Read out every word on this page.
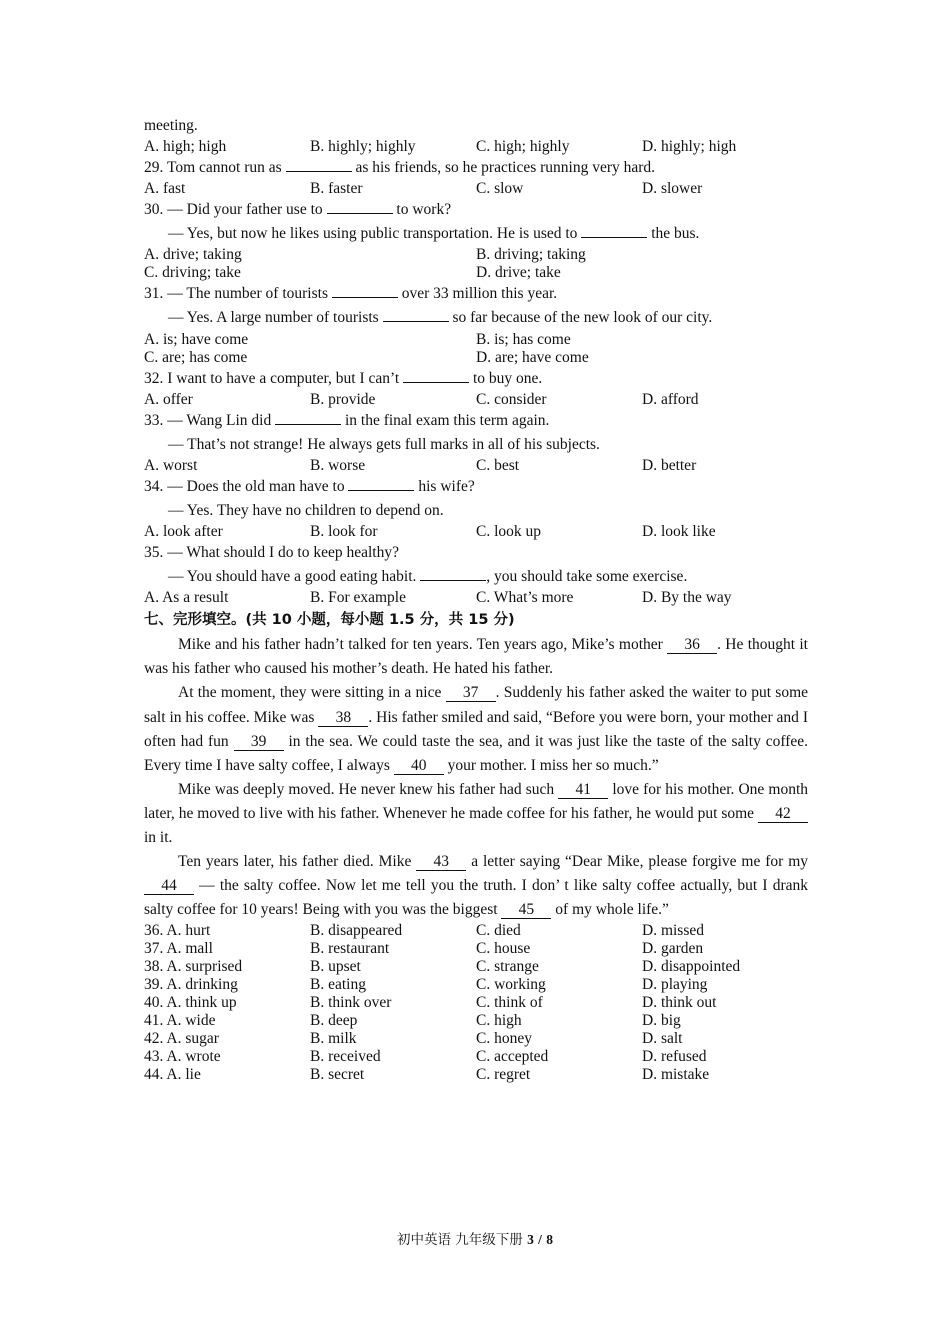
meeting.
A. high; high	B. highly; highly	C. high; highly	D. highly; high
29. Tom cannot run as	as his friends, so he practices running very hard.
A. fast	B. faster	C. slow	D. slower
30. — Did your father use to	to work?
— Yes, but now he likes using public transportation. He is used to	the bus.
A. drive; taking	B. driving; taking
C. driving; take	D. drive; take
31. — The number of tourists	over 33 million this year.
— Yes. A large number of tourists	so far because of the new look of our city.
A. is; have come	B. is; has come
C. are; has come	D. are; have come
32. I want to have a computer, but I can’t	to buy one.
A. offer	B. provide	C. consider	D. afford
33. — Wang Lin did	in the final exam this term again.
— That’s not strange! He always gets full marks in all of his subjects.
A. worst	B. worse	C. best	D. better
34. — Does the old man have to	his wife?
— Yes. They have no children to depend on.
A. look after	B. look for	C. look up	D. look like
35. — What should I do to keep healthy?
— You should have a good eating habit.	, you should take some exercise.
A. As a result	B. For example	C. What’s more	D. By the way
七、完形填空。(共 10 小题，每小题 1.5 分，共 15 分)
Mike and his father hadn’t talked for ten years. Ten years ago, Mike’s mother 36 . He thought it was his father who caused his mother’s death. He hated his father.
At the moment, they were sitting in a nice 37 . Suddenly his father asked the waiter to put some salt in his coffee. Mike was 38 . His father smiled and said, “Before you were born, your mother and I often had fun 39 in the sea. We could taste the sea, and it was just like the taste of the salty coffee. Every time I have salty coffee, I always 40 your mother. I miss her so much.”
Mike was deeply moved. He never knew his father had such 41 love for his mother. One month later, he moved to live with his father. Whenever he made coffee for his father, he would put some 42 in it.
Ten years later, his father died. Mike 43 a letter saying “Dear Mike, please forgive me for my 44 — the salty coffee. Now let me tell you the truth. I don’ t like salty coffee actually, but I drank salty coffee for 10 years! Being with you was the biggest 45 of my whole life.”
36. A. hurt	B. disappeared	C. died	D. missed
37. A. mall	B. restaurant	C. house	D. garden
38. A. surprised	B. upset	C. strange	D. disappointed
39. A. drinking	B. eating	C. working	D. playing
40. A. think up	B. think over	C. think of	D. think out
41. A. wide	B. deep	C. high	D. big
42. A. sugar	B. milk	C. honey	D. salt
43. A. wrote	B. received	C. accepted	D. refused
44. A. lie	B. secret	C. regret	D. mistake
初中英语 九年级下册 3 / 8
